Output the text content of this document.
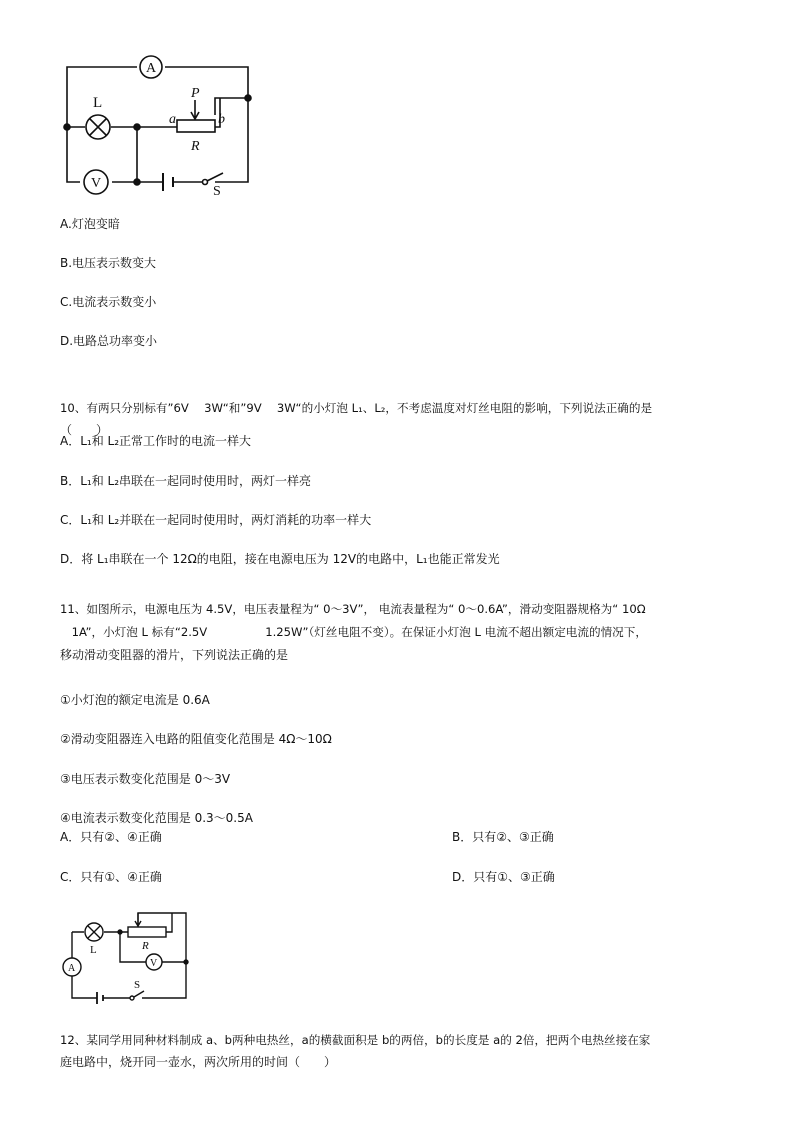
A
L
V
P
a	b
R
S
A.灯泡变暗
B.电压表示数变大
C.电流表示数变小
D.电路总功率变小
10、有两只分别标有”6V　 3W“和”9V　 3W“的小灯泡 L₁、L₂，不考虑温度对灯丝电阻的影响，下列说法正确的是
（　　）
A．L₁和 L₂正常工作时的电流一样大
B．L₁和 L₂串联在一起同时使用时，两灯一样亮
C．L₁和 L₂并联在一起同时使用时，两灯消耗的功率一样大
D．将 L₁串联在一个 12Ω的电阻，接在电源电压为 12V的电路中，L₁也能正常发光
11、如图所示，电源电压为 4.5V，电压表量程为“ 0～3V”， 电流表量程为“ 0～0.6A”，滑动变阻器规格为“ 10Ω
　1A”，小灯泡 L 标有“2.5V　　　　　1.25W”（灯丝电阻不变）。在保证小灯泡 L 电流不超出额定电流的情况下，
移动滑动变阻器的滑片，下列说法正确的是
①小灯泡的额定电流是 0.6A
②滑动变阻器连入电路的阻值变化范围是 4Ω～10Ω
③电压表示数变化范围是 0～3V
④电流表示数变化范围是 0.3～0.5A
A．只有②、④正确	B．只有②、③正确
C．只有①、④正确	D．只有①、③正确
L	R
A	V
S
12、某同学用同种材料制成 a、b两种电热丝，a的横截面积是 b的两倍，b的长度是 a的 2倍，把两个电热丝接在家
庭电路中，烧开同一壶水，两次所用的时间（　　）
